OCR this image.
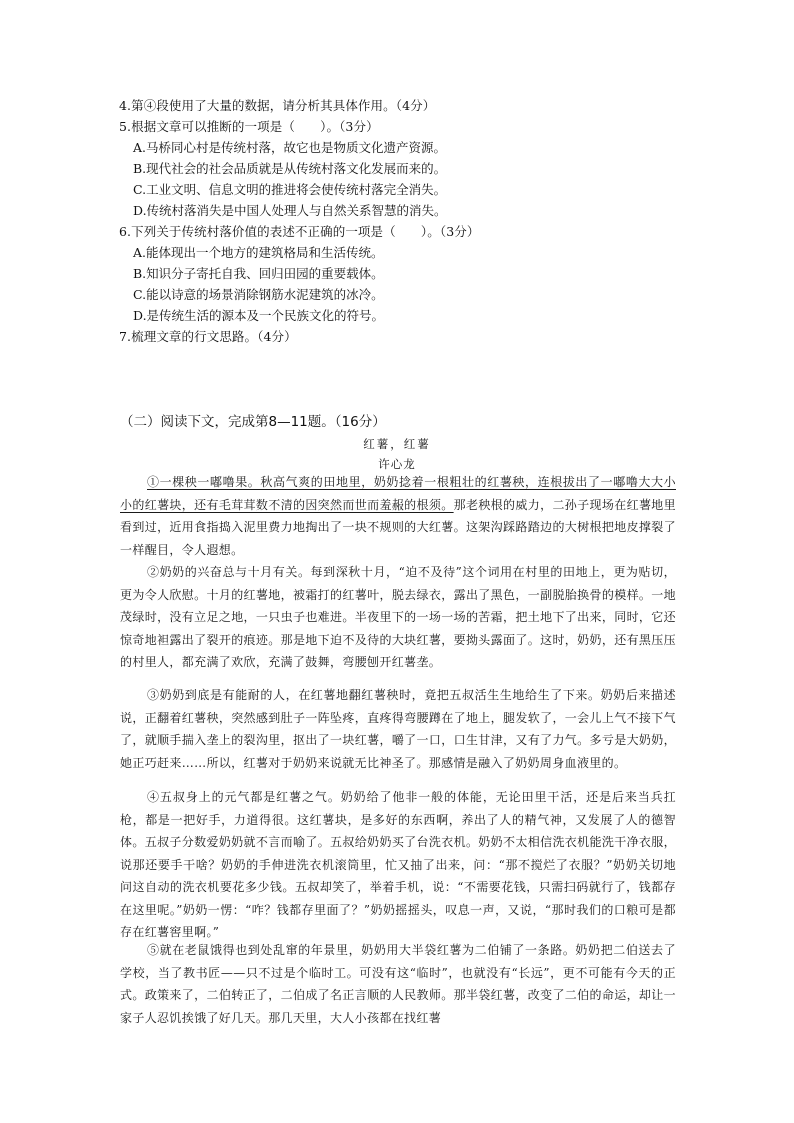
4.第④段使用了大量的数据，请分析其具体作用。（4分）
5.根据文章可以推断的一项是（　　）。（3分）
A.马桥同心村是传统村落，故它也是物质文化遗产资源。
B.现代社会的社会品质就是从传统村落文化发展而来的。
C.工业文明、信息文明的推进将会使传统村落完全消失。
D.传统村落消失是中国人处理人与自然关系智慧的消失。
6.下列关于传统村落价值的表述不正确的一项是（　　）。（3分）
A.能体现出一个地方的建筑格局和生活传统。
B.知识分子寄托自我、回归田园的重要载体。
C.能以诗意的场景消除钢筋水泥建筑的冰冷。
D.是传统生活的源本及一个民族文化的符号。
7.梳理文章的行文思路。（4分）
（二）阅读下文，完成第8—11题。（16分）
红薯，红薯
许心龙

①一棵秧一嘟噜果。秋高气爽的田地里，奶奶捻着一根粗壮的红薯秧，连根拔出了一嘟噜大大小小的红薯块，还有毛茸茸数不清的因突然而世而羞赧的根须。那老秧根的威力，二孙子现场在红薯地里看到过，近用食指捣入泥里费力地掏出了一块不规则的大红薯。这架沟踩路踏边的大树根把地皮撑裂了一样醒目，令人遐想。

②奶奶的兴奋总与十月有关。每到深秋十月，“迫不及待”这个词用在村里的田地上，更为贴切，更为令人欣慰。十月的红薯地，被霜打的红薯叶，脱去绿衣，露出了黑色，一副脱胎换骨的模样。一地茂绿时，没有立足之地，一只虫子也难进。半夜里下的一场一场的苦霜，把土地下了出来，同时，它还惊奇地袒露出了裂开的痕迹。那是地下迫不及待的大块红薯，要拗头露面了。这时，奶奶，还有黑压压的村里人，都充满了欢欣，充满了鼓舞，弯腰刨开红薯垄。

③奶奶到底是有能耐的人，在红薯地翻红薯秧时，竟把五叔活生生地给生了下来。奶奶后来描述说，正翻着红薯秧，突然感到肚子一阵坠疼，直疼得弯腰蹲在了地上，腿发软了，一会儿上气不接下气了，就顺手揣入垄上的裂沟里，抠出了一块红薯，嚼了一口，口生甘津，又有了力气。多亏是大奶奶，她正巧赶来……所以，红薯对于奶奶来说就无比神圣了。那感情是融入了奶奶周身血液里的。

④五叔身上的元气都是红薯之气。奶奶给了他非一般的体能，无论田里干活，还是后来当兵扛枪，都是一把好手，力道得很。这红薯块，是多好的东西啊，养出了人的精气神，又发展了人的德智体。五叔子分数爱奶奶就不言而喻了。五叔给奶奶买了台洗衣机。奶奶不太相信洗衣机能洗干净衣服，说那还要手干啥？奶奶的手伸进洗衣机滚筒里，忙又抽了出来，问：“那不搅烂了衣服？”奶奶关切地问这自动的洗衣机要花多少钱。五叔却笑了，举着手机，说：“不需要花钱，只需扫码就行了，钱都存在这里呢。”奶奶一愣：“咋？钱都存里面了？”奶奶摇摇头，叹息一声，又说，“那时我们的口粮可是都存在红薯窖里啊。”

⑤就在老鼠饿得也到处乱窜的年景里，奶奶用大半袋红薯为二伯铺了一条路。奶奶把二伯送去了学校，当了教书匠——只不过是个临时工。可没有这“临时”，也就没有“长远”，更不可能有今天的正式。政策来了，二伯转正了，二伯成了名正言顺的人民教师。那半袋红薯，改变了二伯的命运，却让一家子人忍饥挨饿了好几天。那几天里，大人小孩都在找红薯
